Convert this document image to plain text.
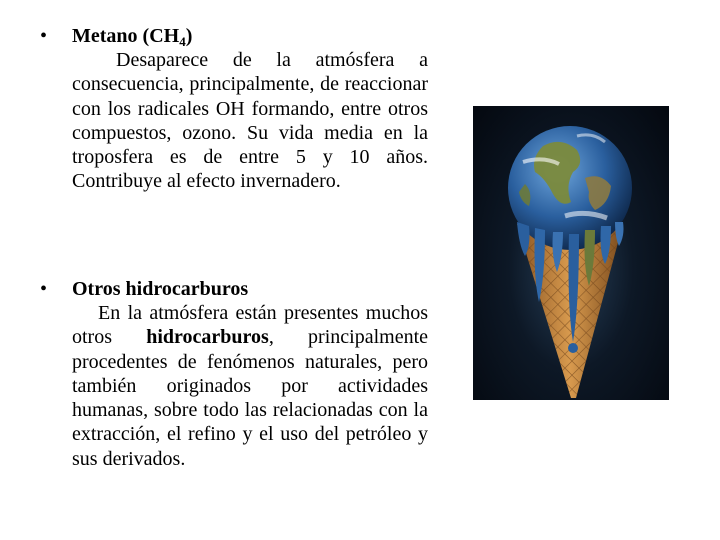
•	Metano $(CH_4)$
Desaparece de la atmósfera a consecuencia, principalmente, de reaccionar con los radicales OH formando, entre otros compuestos, ozono. Su vida media en la troposfera es de entre 5 y 10 años. Contribuye al efecto invernadero.
•	Otros hidrocarburos
En la atmósfera están presentes muchos otros hidrocarburos, principalmente procedentes de fenómenos naturales, pero también originados por actividades humanas, sobre todo las relacionadas con la extracción, el refino y el uso del petróleo y sus derivados.
